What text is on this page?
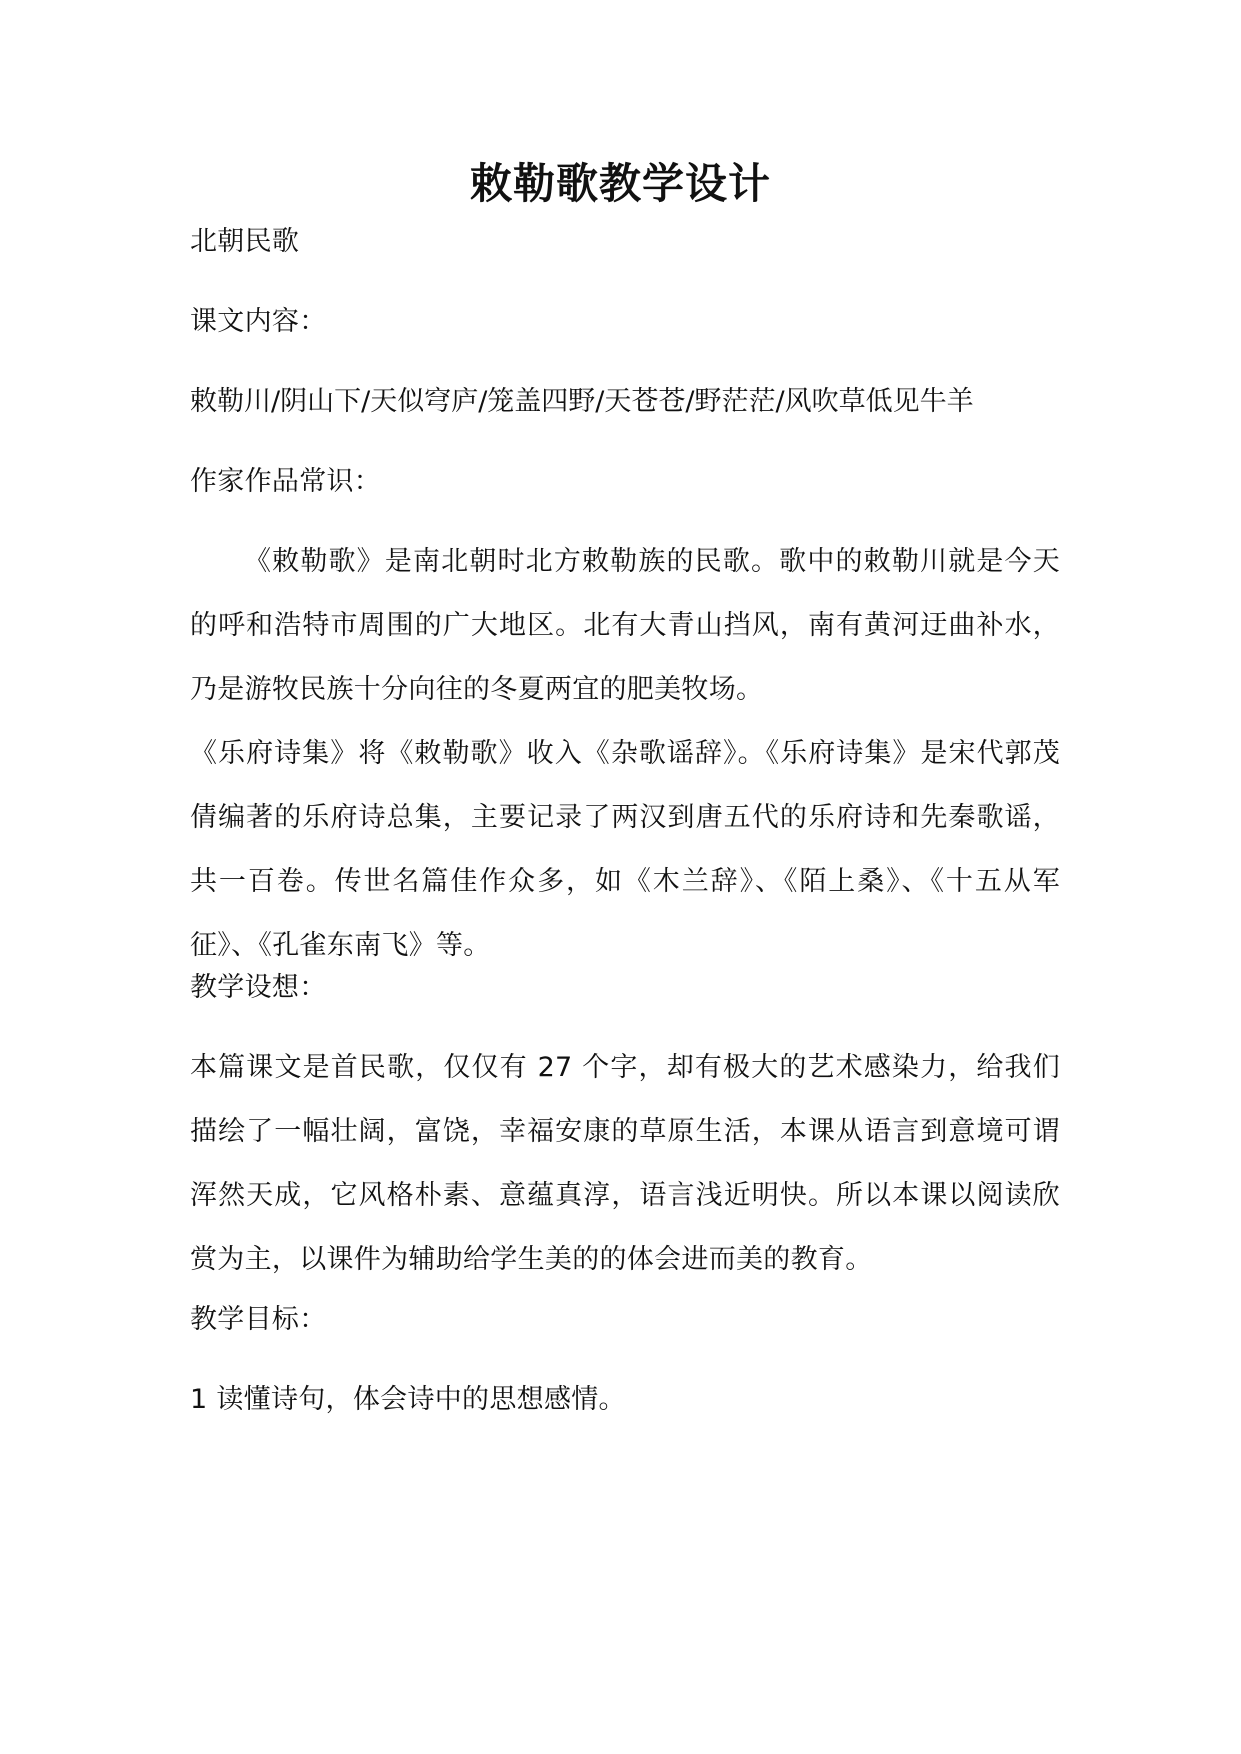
敕勒歌教学设计

北朝民歌

课文内容：

敕勒川/阴山下/天似穹庐/笼盖四野/天苍苍/野茫茫/风吹草低见牛羊

作家作品常识：

《敕勒歌》是南北朝时北方敕勒族的民歌。歌中的敕勒川就是今天的呼和浩特市周围的广大地区。北有大青山挡风，南有黄河迂曲补水，乃是游牧民族十分向往的冬夏两宜的肥美牧场。

《乐府诗集》将《敕勒歌》收入《杂歌谣辞》。《乐府诗集》是宋代郭茂倩编著的乐府诗总集，主要记录了两汉到唐五代的乐府诗和先秦歌谣，共一百卷。传世名篇佳作众多，如《木兰辞》、《陌上桑》、《十五从军征》、《孔雀东南飞》等。

教学设想：

本篇课文是首民歌，仅仅有 27 个字，却有极大的艺术感染力，给我们描绘了一幅壮阔，富饶，幸福安康的草原生活，本课从语言到意境可谓浑然天成，它风格朴素、意蕴真淳，语言浅近明快。所以本课以阅读欣赏为主，以课件为辅助给学生美的的体会进而美的教育。

教学目标：

1 读懂诗句，体会诗中的思想感情。
